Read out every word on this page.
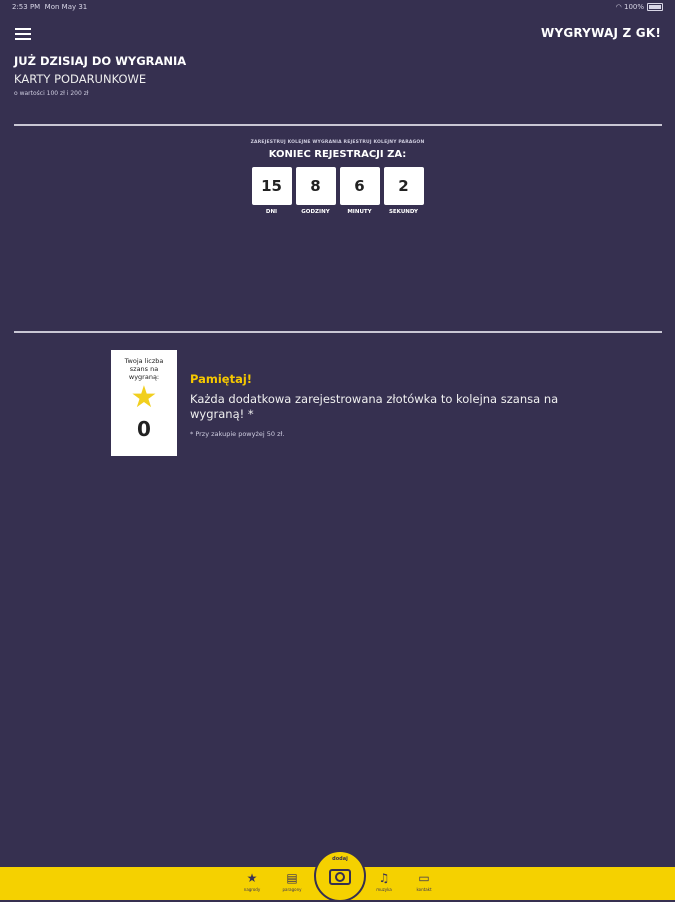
2:53 PM Mon May 31	◠ 100%
WYGRYWAJ Z GK!
JUŻ DZISIAJ DO WYGRANIA
KARTY PODARUNKOWE
o wartości 100 zł i 200 zł
ZAREJESTRUJ KOLEJNE WYGRANIA REJESTRUJ KOLEJNY PARAGON
KONIEC REJESTRACJI ZA:
15
DNI
8
GODZINY
6
MINUTY
2
SEKUNDY
Twoja liczba szans na wygraną:
★
0
Pamiętaj!
Każda dodatkowa zarejestrowana złotówka to kolejna szansa na wygraną! *
* Przy zakupie powyżej 50 zł.
★
nagrody
▤
paragony
♫
muzyka
▭
kontakt
dodaj
